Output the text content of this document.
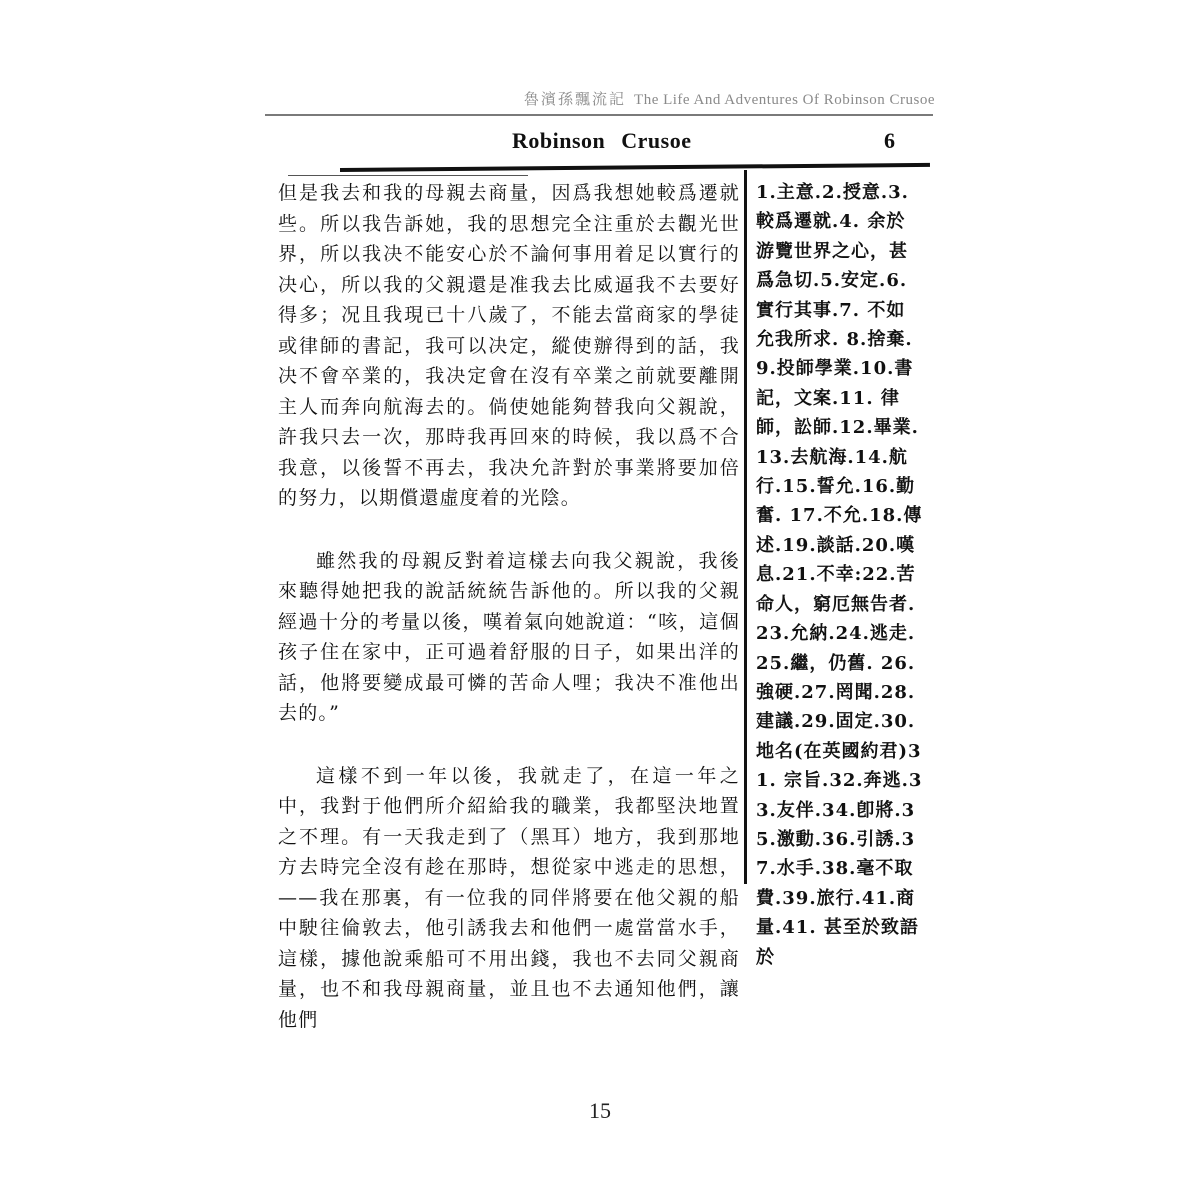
魯濱孫飄流記 The Life And Adventures Of Robinson Crusoe
Robinson Crusoe	6

但是我去和我的母親去商量，因爲我想她較爲遷就些。所以我告訴她，我的思想完全注重於去觀光世界，所以我决不能安心於不論何事用着足以實行的决心，所以我的父親還是准我去比威逼我不去要好得多；况且我現已十八歲了，不能去當商家的學徒或律師的書記，我可以决定，縱使辦得到的話，我决不會卒業的，我决定會在沒有卒業之前就要離開主人而奔向航海去的。倘使她能夠替我向父親說，許我只去一次，那時我再回來的時候，我以爲不合我意，以後誓不再去，我决允許對於事業將要加倍的努力，以期償還虛度着的光陰。

雖然我的母親反對着這樣去向我父親說，我後來聽得她把我的說話統統告訴他的。所以我的父親經過十分的考量以後，嘆着氣向她說道：“咳，這個孩子住在家中，正可過着舒服的日子，如果出洋的話，他將要變成最可憐的苦命人哩；我决不准他出去的。”

這樣不到一年以後，我就走了，在這一年之中，我對于他們所介紹給我的職業，我都堅決地置之不理。有一天我走到了（黑耳）地方，我到那地方去時完全沒有趁在那時，想從家中逃走的思想，——我在那裏，有一位我的同伴將要在他父親的船中駛往倫敦去，他引誘我去和他們一處當當水手，這樣，據他說乘船可不用出錢，我也不去同父親商量，也不和我母親商量，並且也不去通知他們，讓他們

1.主意.2.授意.3.較爲遷就.4. 余於游覽世界之心，甚爲急切.5.安定.6.實行其事.7. 不如允我所求. 8.捨棄.9.投師學業.10.書記，文案.11. 律師，訟師.12.畢業.13.去航海.14.航行.15.誓允.16.勤奮. 17.不允.18.傳述.19.談話.20.嘆息.21.不幸:22.苦命人，窮厄無告者.23.允納.24.逃走.25.繼，仍舊. 26.強硬.27.罔聞.28.建議.29.固定.30.地名(在英國約君)31. 宗旨.32.奔逃.33.友伴.34.卽將.35.激動.36.引誘.37.水手.38.毫不取費.39.旅行.41.商量.41. 甚至於致語於
15
